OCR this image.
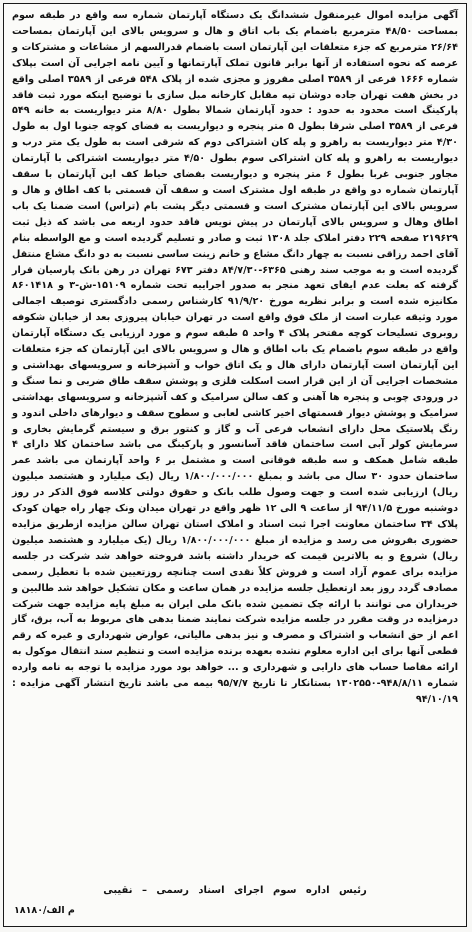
آگهی مزایده اموال غیرمنقول ششدانگ یک دستگاه آپارتمان شماره سه واقع در طبقه سوم بمساحت ۴۸/۵۰ مترمربع باضمام یک باب اتاق و هال و سرویس بالای این آپارتمان بمساحت ۲۶/۶۴ مترمربع که جزء متعلقات این آپارتمان است باضمام قدرالسهم از مشاعات و مشترکات و عرصه که نحوه استفاده از آنها برابر قانون تملک آپارتمانها و آیین نامه اجرایی آن است بپلاک شماره ۱۶۶۶ فرعی از ۳۵۸۹ اصلی مفروز و مجزی شده از پلاک ۵۴۸ فرعی از ۳۵۸۹ اصلی واقع در بخش هفت تهران جاده دوشان تپه مقابل کارخانه مبل سازی با توضیح اینکه مورد ثبت فاقد پارکینگ است محدود به حدود : حدود آپارتمان شمالا بطول ۸/۸۰ متر دیواریست به خانه ۵۴۹ فرعی از ۳۵۸۹ اصلی شرقا بطول ۵ متر پنجره و دیواریست به فضای کوچه جنوبا اول به طول ۴/۳۰ متر دیواریست به راهرو و پله کان اشتراکی دوم که شرقی است به طول یک متر درب و دیواریست به راهرو و پله کان اشتراکی سوم بطول ۴/۵۰ متر دیواریست اشتراکی با آپارتمان مجاور جنوبی غربا بطول ۶ متر پنجره و دیواریست بفضای حیاط کف این آپارتمان با سقف آپارتمان شماره دو واقع در طبقه اول مشترک است و سقف آن قسمتی با کف اطاق و هال و سرویس بالای این آپارتمان مشترک است و قسمتی دیگر پشت بام (تراس) است ضمنا یک باب اطاق وهال و سرویس بالای آپارتمان در پیش نویس فاقد حدود اربعه می باشد که ذیل ثبت ۲۱۹۶۲۹ صفحه ۲۲۹ دفتر املاک جلد ۱۳۰۸ ثبت و صادر و تسلیم گردیده است و مع الواسطه بنام آقای احمد رزاقی نسبت به چهار دانگ مشاع و خانم زینت ساسی نسبت به دو دانگ مشاع منتقل گردیده است و به موجب سند رهنی ۶۳۶۵-۸۴/۷/۳۰ دفتر ۶۷۳ تهران در رهن بانک پارسیان قرار گرفته که بعلت عدم ایفای تعهد منجر به صدور اجراییه تحت شماره ۱۵۱۰۹-ش-۳ و ۸۶۰۱۴۱۸ مکانیزه شده است و برابر نظریه مورخ ۹۱/۹/۲۰ کارشناس رسمی دادگستری توصیف اجمالی مورد وثیقه عبارت است از ملک فوق واقع است در تهران خیابان پیروزی بعد از خیابان شکوفه روبروی تسلیحات کوچه مفتخر پلاک ۴ واحد ۵ طبقه سوم و مورد ارزیابی یک دستگاه آپارتمان واقع در طبقه سوم باضمام یک باب اطاق و هال و سرویس بالای این آپارتمان که جزء متعلقات این آپارتمان است آپارتمان دارای هال و یک اتاق خواب و آشپزخانه و سرویسهای بهداشتی و مشخصات اجرایی آن از این قرار است اسکلت فلزی و پوشش سقف طاق ضربی و نما سنگ و در ورودی چوبی و پنجره ها آهنی و کف سالن سرامیک و کف آشپزخانه و سرویسهای بهداشتی سرامیک و پوشش دیوار قسمتهای اخیر کاشی لعابی و سطوح سقف و دیوارهای داخلی اندود و رنگ پلاستیک محل دارای انشعاب فرعی آب و گاز و کنتور برق و سیستم گرمایش بخاری و سرمایش کولر آبی است ساختمان فاقد آسانسور و پارکینگ می باشد ساختمان کلا دارای ۴ طبقه شامل همکف و سه طبقه فوقانی است و مشتمل بر ۶ واحد آپارتمان می باشد عمر ساختمان حدود ۳۰ سال می باشد و بمبلغ ۱/۸۰۰/۰۰۰/۰۰۰ ریال (یک میلیارد و هشتصد میلیون ریال) ارزیابی شده است و جهت وصول طلب بانک و حقوق دولتی کلاسه فوق الذکر در روز دوشنبه مورخ ۹۴/۱۱/۵ از ساعت ۹ الی ۱۲ ظهر واقع در تهران میدان ونک چهار راه جهان کودک پلاک ۳۴ ساختمان معاونت اجرا ثبت اسناد و املاک استان تهران سالن مزایده ازطریق مزایده حضوری بفروش می رسد و مزایده از مبلغ ۱/۸۰۰/۰۰۰/۰۰۰ ریال (یک میلیارد و هشتصد میلیون ریال) شروع و به بالاترین قیمت که خریدار داشته باشد فروخته خواهد شد شرکت در جلسه مزایده برای عموم آزاد است و فروش کلاً نقدی است چنانچه روزتعیین شده با تعطیل رسمی مصادف گردد روز بعد ازتعطیل جلسه مزایده در همان ساعت و مکان تشکیل خواهد شد طالبین و خریداران می توانند با ارائه چک تضمین شده بانک ملی ایران به مبلغ پایه مزایده جهت شرکت درمزایده در وقت مقرر در جلسه مزایده شرکت نمایند ضمنا بدهی های مربوط به آب، برق، گاز اعم از حق انشعاب و اشتراک و مصرف و نیز بدهی مالیاتی، عوارض شهرداری و غیره که رقم قطعی آنها برای این اداره معلوم نشده بعهده برنده مزایده است و تنظیم سند انتقال موکول به ارائه مفاصا حساب های دارایی و شهرداری و ... خواهد بود مورد مزایده با توجه به نامه وارده شماره ۹۴۸/۸/۱۱-۱۳۰۲۵۵۰ بستانکار تا تاریخ ۹۵/۷/۷ بیمه می باشد تاریخ انتشار آگهی مزایده : ۹۴/۱۰/۱۹

رئیس اداره سوم اجرای اسناد رسمی – نقیبی
م الف/۱۸۱۸۰
